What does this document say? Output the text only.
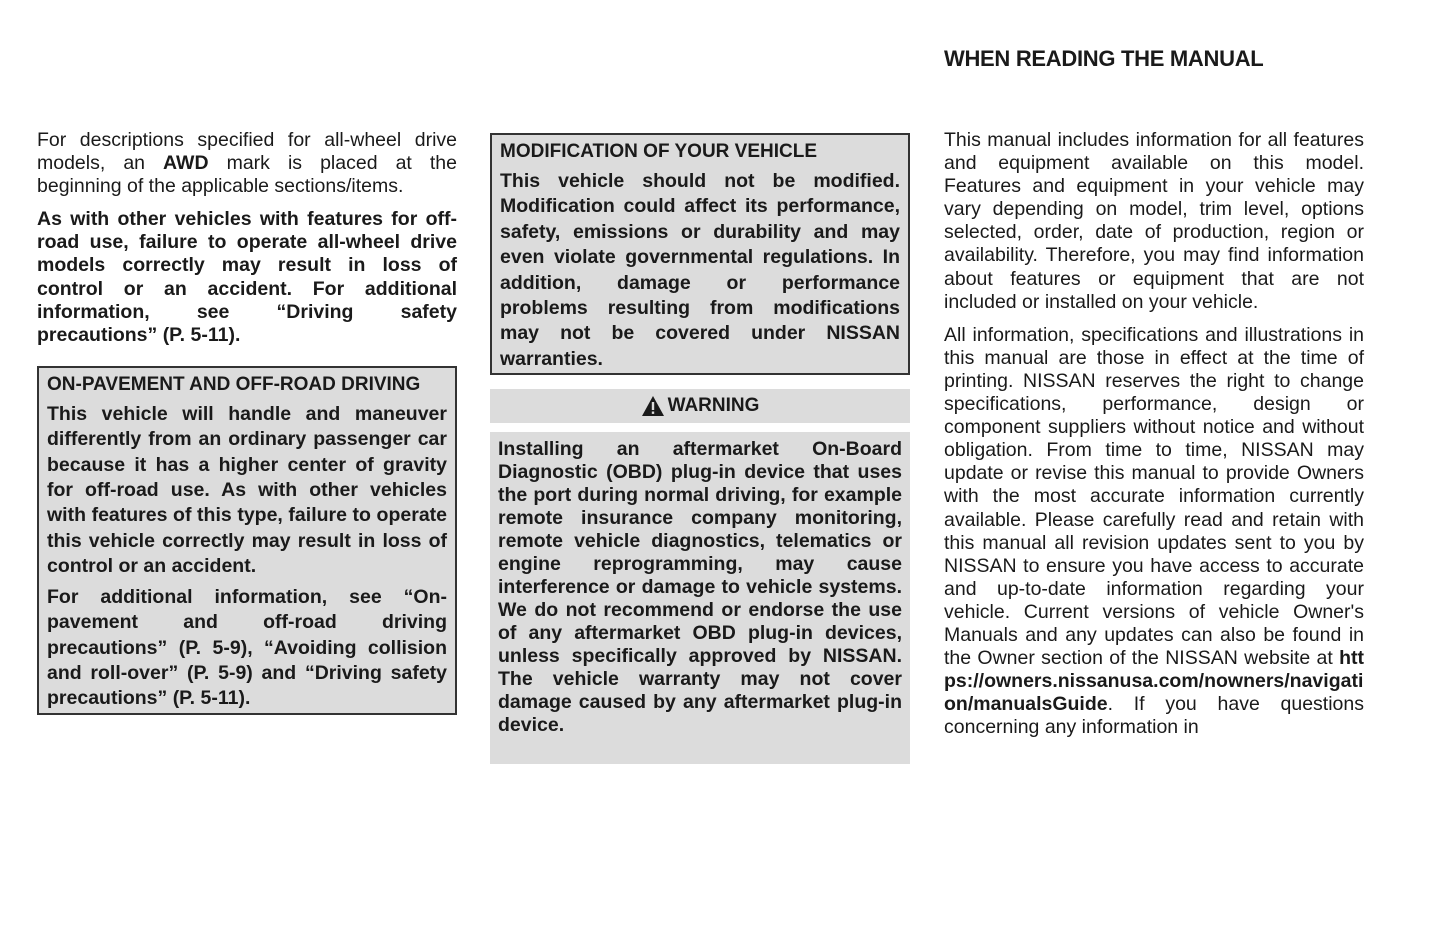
WHEN READING THE MANUAL

For descriptions specified for all-wheel drive models, an AWD mark is placed at the beginning of the applicable sections/items.

As with other vehicles with features for off- road use, failure to operate all-wheel drive models correctly may result in loss of control or an accident. For additional information, see “Driving safety precautions” (P. 5-11).

ON-PAVEMENT AND OFF-ROAD DRIVING

This vehicle will handle and maneuver differently from an ordinary passenger car because it has a higher center of gravity for off-road use. As with other vehicles with features of this type, failure to operate this vehicle correctly may result in loss of control or an accident.

For additional information, see “On-pavement and off-road driving precautions” (P. 5-9), “Avoiding collision and roll-over” (P. 5-9) and “Driving safety precautions” (P. 5-11).

MODIFICATION OF YOUR VEHICLE

This vehicle should not be modified. Modification could affect its performance, safety, emissions or durability and may even violate governmental regulations. In addition, damage or performance problems resulting from modifications may not be covered under NISSAN warranties.

WARNING

Installing an aftermarket On-Board Diagnostic (OBD) plug-in device that uses the port during normal driving, for example remote insurance company monitoring, remote vehicle diagnostics, telematics or engine reprogramming, may cause interference or damage to vehicle systems. We do not recommend or endorse the use of any aftermarket OBD plug-in devices, unless specifically approved by NISSAN. The vehicle warranty may not cover damage caused by any aftermarket plug-in device.

This manual includes information for all features and equipment available on this model. Features and equipment in your vehicle may vary depending on model, trim level, options selected, order, date of production, region or availability. Therefore, you may find information about features or equipment that are not included or installed on your vehicle.

All information, specifications and illustrations in this manual are those in effect at the time of printing. NISSAN reserves the right to change specifications, performance, design or component suppliers without notice and without obligation. From time to time, NISSAN may update or revise this manual to provide Owners with the most accurate information currently available. Please carefully read and retain with this manual all revision updates sent to you by NISSAN to ensure you have access to accurate and up-to-date information regarding your vehicle. Current versions of vehicle Owner's Manuals and any updates can also be found in the Owner section of the NISSAN website at https://owners.nissanusa.com/nowners/navigation/manualsGuide. If you have questions concerning any information in
